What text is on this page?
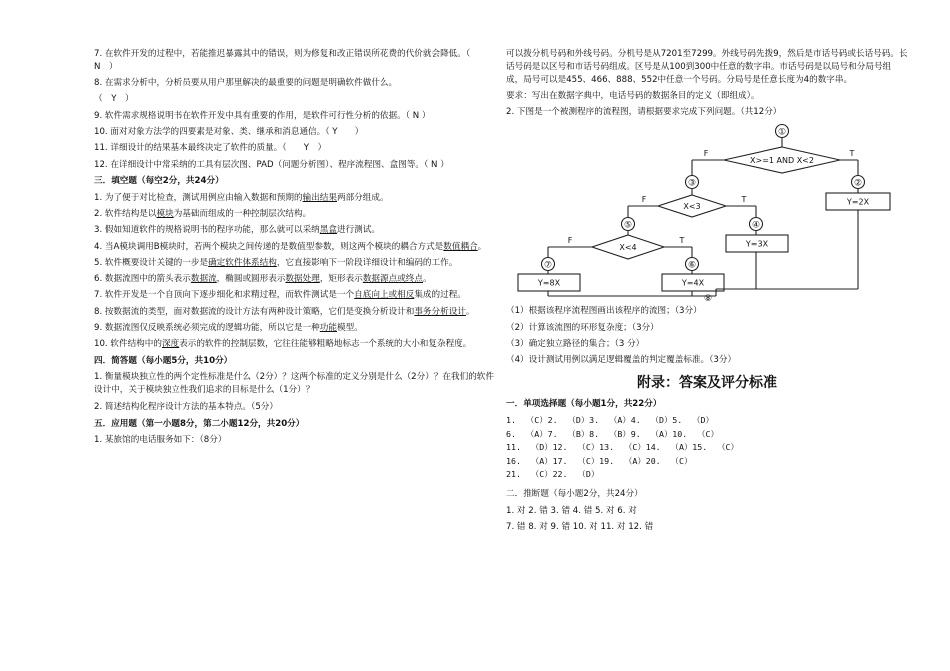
7. 在软件开发的过程中，若能推迟暴露其中的错误，则为修复和改正错误所花费的代价就会降低。（　N　）

8. 在需求分析中，分析员要从用户那里解决的最重要的问题是明确软件做什么。

（　Y　）

9. 软件需求规格说明书在软件开发中具有重要的作用，是软件可行性分析的依据。（ N ）

10. 面对对象方法学的四要素是对象、类、继承和消息通信。（ Y　　）

11. 详细设计的结果基本最终决定了软件的质量。（　　Y　）

12. 在详细设计中常采纳的工具有层次图、PAD（问题分析图）、程序流程图、盒图等。（ N ）

三．填空题（每空2分，共24分）

1. 为了便于对比检查，测试用例应由输入数据和预期的输出结果两部分组成。

2. 软件结构是以模块为基础而组成的一种控制层次结构。

3. 假如知道软件的规格说明书的程序功能，那么就可以采纳黑盒进行测试。

4. 当A模块调用B模块时，若两个模块之间传递的是数值型参数，则这两个模块的耦合方式是数值耦合。

5. 软件概要设计关键的一步是确定软件体系结构，它直接影响下一阶段详细设计和编码的工作。

6. 数据流图中的箭头表示数据流，椭圆或圆形表示数据处理，矩形表示数据源点或终点。

7. 软件开发是一个自顶向下逐步细化和求精过程，而软件测试是一个自底向上或相反集成的过程。

8. 按数据流的类型，面对数据流的设计方法有两种设计策略，它们是变换分析设计和事务分析设计。

9. 数据流图仅反映系统必须完成的逻辑功能，所以它是一种功能模型。

10. 软件结构中的深度表示的软件的控制层数，它往往能够粗略地标志一个系统的大小和复杂程度。

四．简答题（每小题5分，共10分）

1. 衡量模块独立性的两个定性标准是什么（2分）？这两个标准的定义分别是什么（2分）？在我们的软件设计中，关于模块独立性我们追求的目标是什么（1分）？

2. 简述结构化程序设计方法的基本特点。（5分）

五．应用题（第一小题8分，第二小题12分，共20分）

1. 某旅馆的电话服务如下：（8分）

可以拨分机号码和外线号码。分机号是从7201至7299。外线号码先拨9，然后是市话号码或长话号码。长话号码是以区号和市话号码组成。区号是从100到300中任意的数字串。市话号码是以局号和分局号组成，局号可以是455、466、888、552中任意一个号码。分局号是任意长度为4的数字串。

要求：写出在数据字典中，电话号码的数据条目的定义（即组成）。

2. 下图是一个被测程序的流程图，请根据要求完成下列问题。（共12分）

①
②
③
④
⑤
⑥
⑦
X>=1 AND X<2
X<3
X<4
Y=2X
Y=3X
Y=4X
Y=8X
F	T
F	T
F	T
⑧

（1）根据该程序流程图画出该程序的流图；（3分）

（2）计算该流图的环形复杂度；（3分）

（3）确定独立路径的集合；（3 分）

（4）设计测试用例以满足逻辑覆盖的判定覆盖标准。（3分）

附录：答案及评分标准

一．单项选择题（每小题1分，共22分）

1.  （C）2.  （D）3.  （A）4.  （D）5.  （D）

6.  （A）7.  （B）8.  （B）9.  （A）10.  （C）

11.  （D）12.  （C）13.  （C）14.  （A）15.  （C）

16.  （A）17.  （C）19.  （A）20.  （C）

21.  （C）22.  （D）

二．推断题（每小题2分，共24分）

1. 对 2. 错 3. 错 4. 错 5. 对 6. 对

7. 错 8. 对 9. 错 10. 对 11. 对 12. 错
